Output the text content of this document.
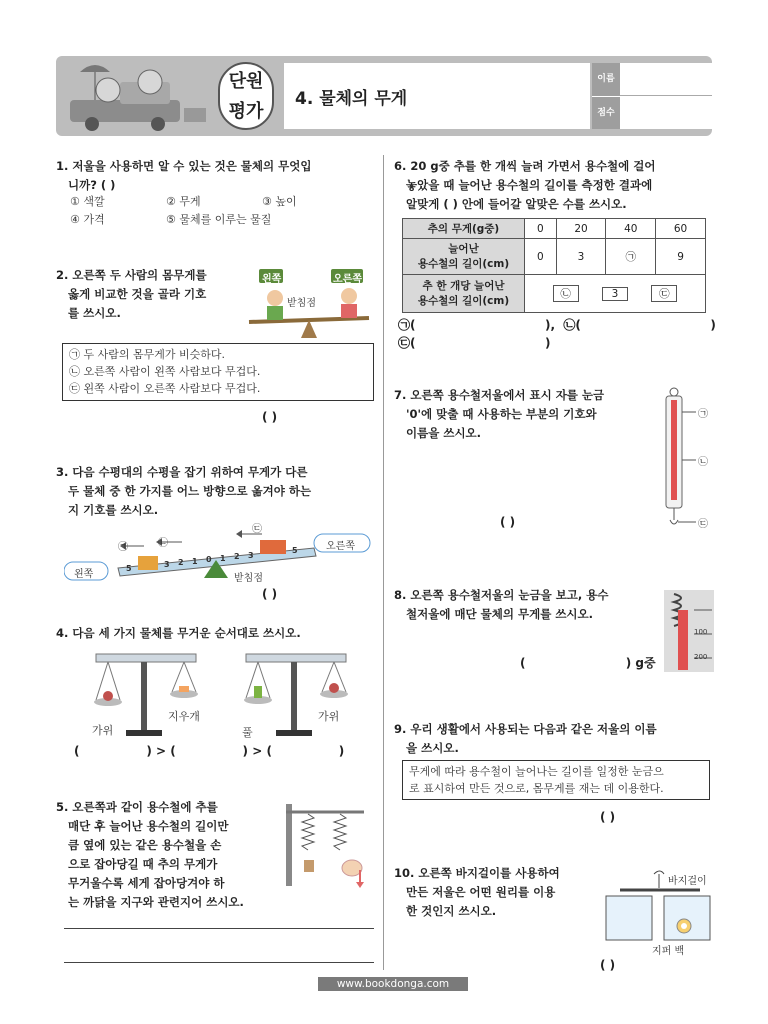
단원
평가
4. 물체의 무게
이름
점수
1. 저울을 사용하면 알 수 있는 것은 물체의 무엇입
니까? ( )
① 색깔	② 무게	③ 높이
④ 가격	⑤ 물체를 이루는 물질
2. 오른쪽 두 사람의 몸무게를
옳게 비교한 것을 골라 기호
를 쓰시오.
왼쪽	오른쪽
받침점
㉠ 두 사람의 몸무게가 비슷하다.
㉡ 오른쪽 사람이 왼쪽 사람보다 무겁다.
㉢ 왼쪽 사람이 오른쪽 사람보다 무겁다.
( )
3. 다음 수평대의 수평을 잡기 위하여 무게가 다른
두 물체 중 한 가지를 어느 방향으로 옮겨야 하는
지 기호를 쓰시오.
㉠	㉡
㉢
오른쪽
왼쪽	받침점
5	3 2 1 0 1 2 3
5
( )
4. 다음 세 가지 물체를 무거운 순서대로 쓰시오.
가위
지우개
풀
가위
(                ) > (                ) > (                )
5. 오른쪽과 같이 용수철에 추를
매단 후 늘어난 용수철의 길이만
큼 옆에 있는 같은 용수철을 손
으로 잡아당길 때 추의 무게가
무거울수록 세게 잡아당겨야 하
는 까닭을 지구와 관련지어 쓰시오.
6. 20 g중 추를 한 개씩 늘려 가면서 용수철에 걸어
놓았을 때 늘어난 용수철의 길이를 측정한 결과에
알맞게 ( ) 안에 들어갈 알맞은 수를 쓰시오.
추의 무게(g중)	0	20	40	60

늘어난
용수철의 길이(cm)	0	3	㉠	9

추 한 개당 늘어난
용수철의 길이(cm)	㉡ 3 ㉢			
㉠(                               ),  ㉡(                               )
㉢(                               )
7. 오른쪽 용수철저울에서 표시 자를 눈금
'0'에 맞출 때 사용하는 부분의 기호와
이름을 쓰시오.
㉠
㉡
㉢
( )
8. 오른쪽 용수철저울의 눈금을 보고, 용수
철저울에 매단 물체의 무게를 쓰시오.
100
200
(                        ) g중
9. 우리 생활에서 사용되는 다음과 같은 저울의 이름
을 쓰시오.
무게에 따라 용수철이 늘어나는 길이를 일정한 눈금으
로 표시하여 만든 것으로, 몸무게를 재는 데 이용한다.
( )
10. 오른쪽 바지걸이를 사용하여
만든 저울은 어떤 원리를 이용
한 것인지 쓰시오.
바지걸이
지퍼 백
( )
www.bookdonga.com
